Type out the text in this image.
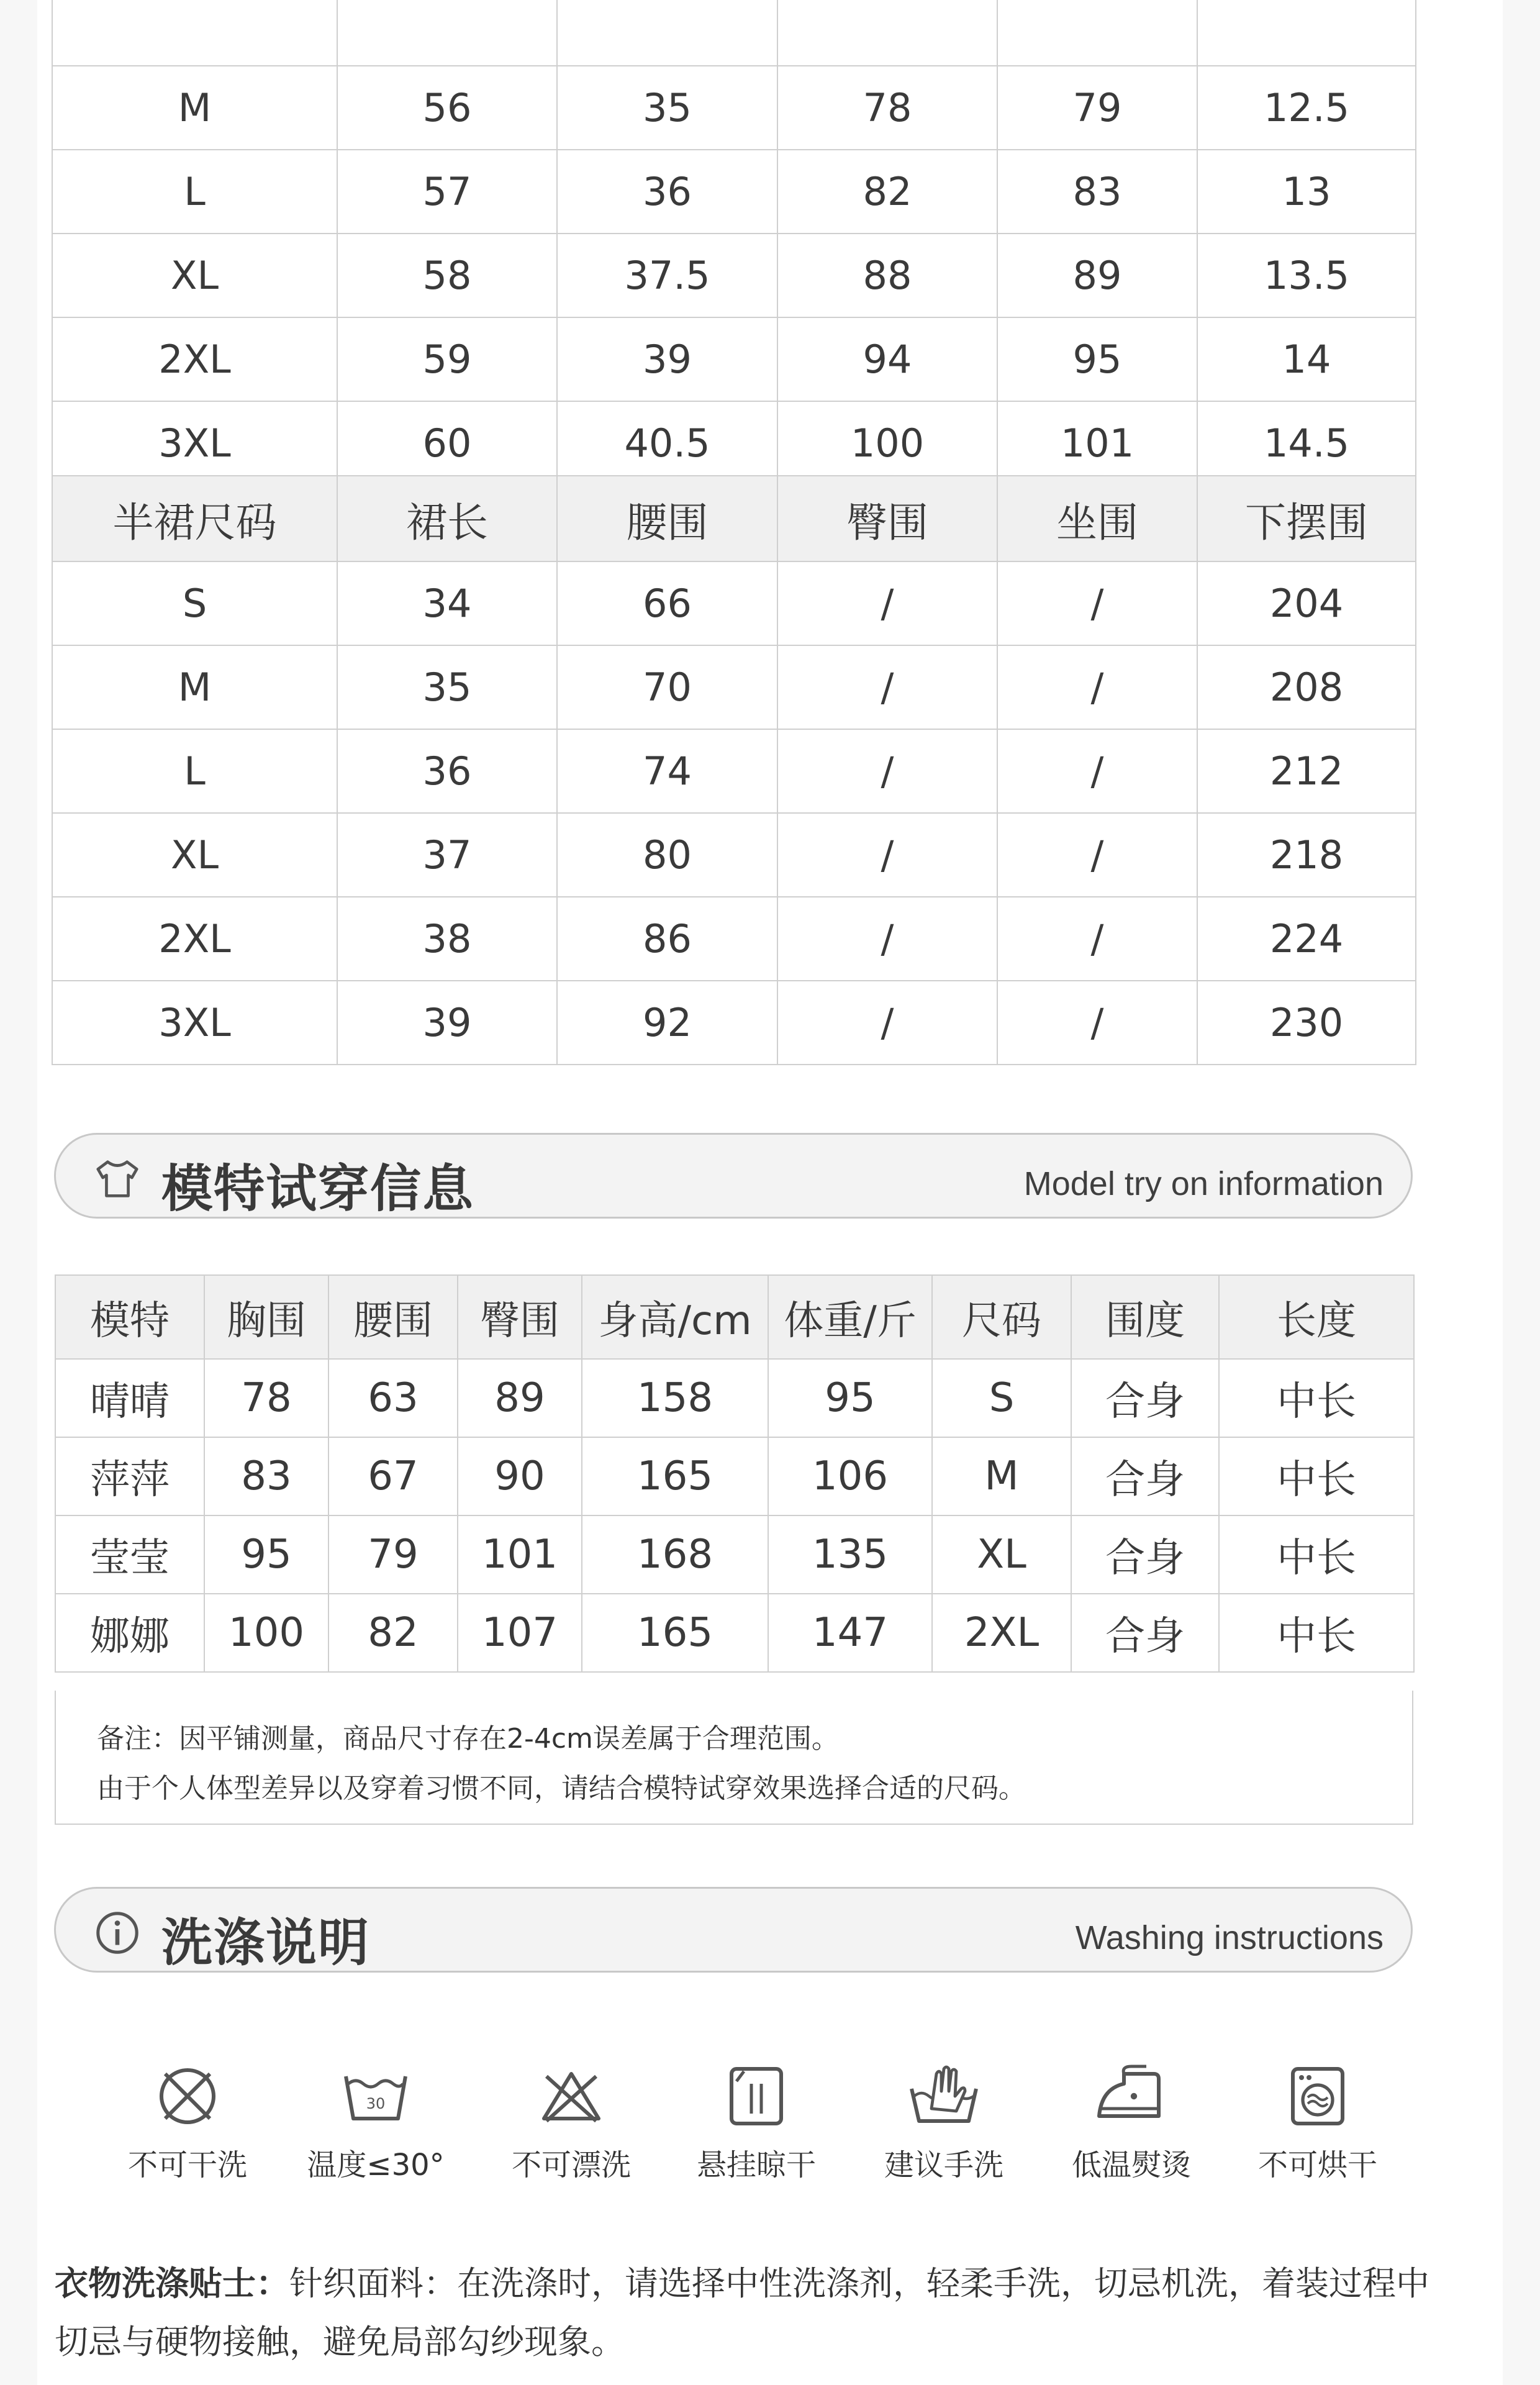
M	56	35	78	79	12.5
L	57	36	82	83	13
XL	58	37.5	88	89	13.5
2XL	59	39	94	95	14
3XL	60	40.5	100	101	14.5
半裙尺码	裙长	腰围	臀围	坐围	下摆围
S	34	66	/	/	204
M	35	70	/	/	208
L	36	74	/	/	212
XL	37	80	/	/	218
2XL	38	86	/	/	224
3XL	39	92	/	/	230
模特试穿信息	Model try on information
模特	胸围	腰围	臀围	身高/cm	体重/斤	尺码	围度	长度
晴晴	78	63	89	158	95	S	合身	中长
萍萍	83	67	90	165	106	M	合身	中长
莹莹	95	79	101	168	135	XL	合身	中长
娜娜	100	82	107	165	147	2XL	合身	中长
备注：因平铺测量，商品尺寸存在2-4cm误差属于合理范围。
由于个人体型差异以及穿着习惯不同，请结合模特试穿效果选择合适的尺码。
洗涤说明	Washing instructions
不可干洗
30
温度≤30°	不可漂洗	悬挂晾干	建议手洗	低温熨烫	不可烘干
衣物洗涤贴士：针织面料：在洗涤时，请选择中性洗涤剂，轻柔手洗，切忌机洗，着装过程中切忌与硬物接触，避免局部勾纱现象。
